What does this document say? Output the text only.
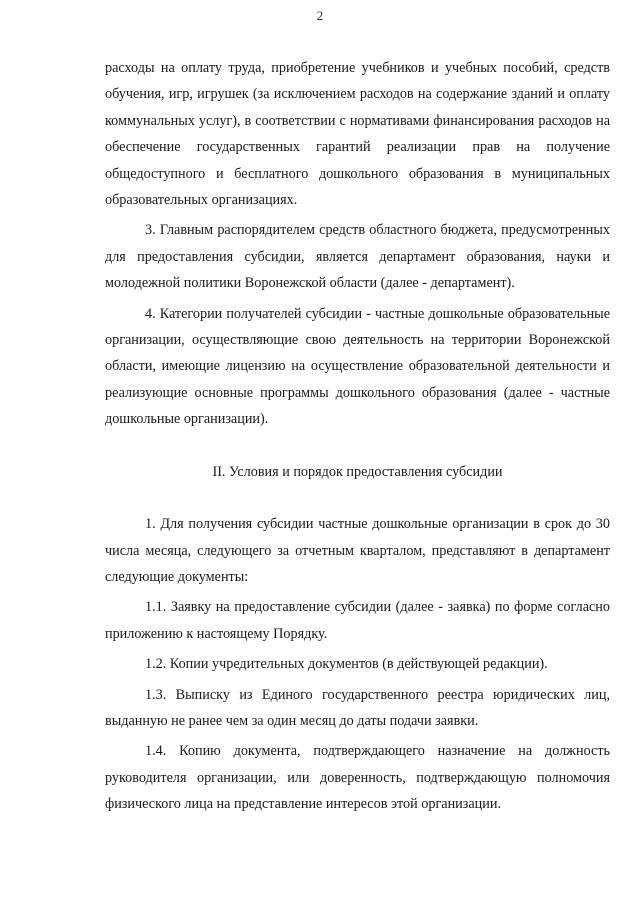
2

расходы на оплату труда, приобретение учебников и учебных пособий, средств обучения, игр, игрушек (за исключением расходов на содержание зданий и оплату коммунальных услуг), в соответствии с нормативами финансирования расходов на обеспечение государственных гарантий реализации прав на получение общедоступного и бесплатного дошкольного образования в муниципальных образовательных организациях.

3. Главным распорядителем средств областного бюджета, предусмотренных для предоставления субсидии, является департамент образования, науки и молодежной политики Воронежской области (далее - департамент).

4. Категории получателей субсидии - частные дошкольные образовательные организации, осуществляющие свою деятельность на территории Воронежской области, имеющие лицензию на осуществление образовательной деятельности и реализующие основные программы дошкольного образования (далее - частные дошкольные организации).

II. Условия и порядок предоставления субсидии

1. Для получения субсидии частные дошкольные организации в срок до 30 числа месяца, следующего за отчетным кварталом, представляют в департамент следующие документы:

1.1. Заявку на предоставление субсидии (далее - заявка) по форме согласно приложению к настоящему Порядку.

1.2. Копии учредительных документов (в действующей редакции).

1.3. Выписку из Единого государственного реестра юридических лиц, выданную не ранее чем за один месяц до даты подачи заявки.

1.4. Копию документа, подтверждающего назначение на должность руководителя организации, или доверенность, подтверждающую полномочия физического лица на представление интересов этой организации.
